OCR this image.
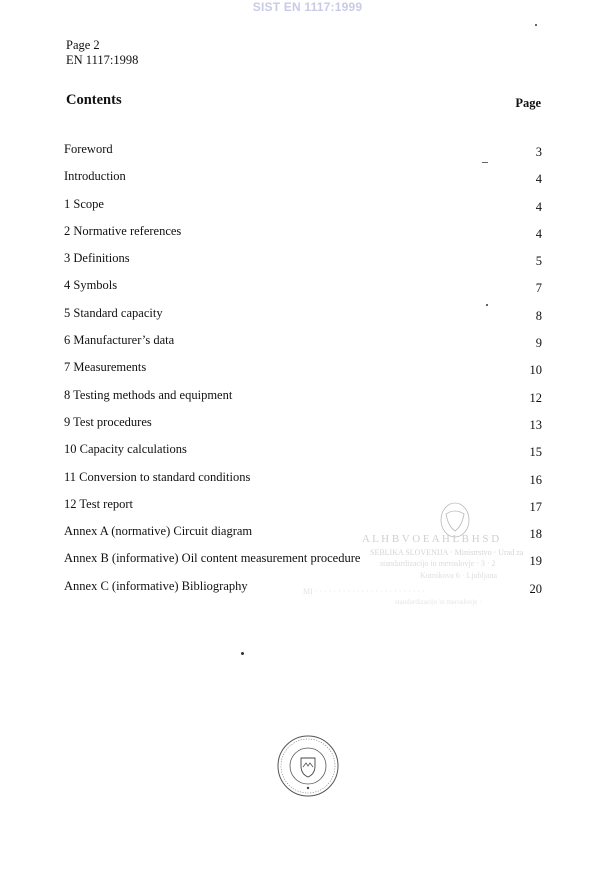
SIST EN 1117:1999
Page 2
EN 1117:1998
Contents	Page
Foreword	3
Introduction	4
1 Scope	4
2 Normative references	4
3 Definitions	5
4 Symbols	7
5 Standard capacity	8
6 Manufacturer’s data	9
7 Measurements	10
8 Testing methods and equipment	12
9 Test procedures	13
10 Capacity calculations	15
11 Conversion to standard conditions	16
12 Test report	17
Annex A (normative) Circuit diagram	18
Annex B (informative) Oil content measurement procedure	19
Annex C (informative) Bibliography	20
A L H B V O E A H L B H S D
SEBLIKA SLOVENIJA · Ministrstvo · Urad za
standardizacijo in meroslovje · 3 · 2
Kotnikova 6 · Ljubljana
MI · · · · · · · · · · · · · · · · · · · · · · · ·
standardizacijo in meroslovje ·
